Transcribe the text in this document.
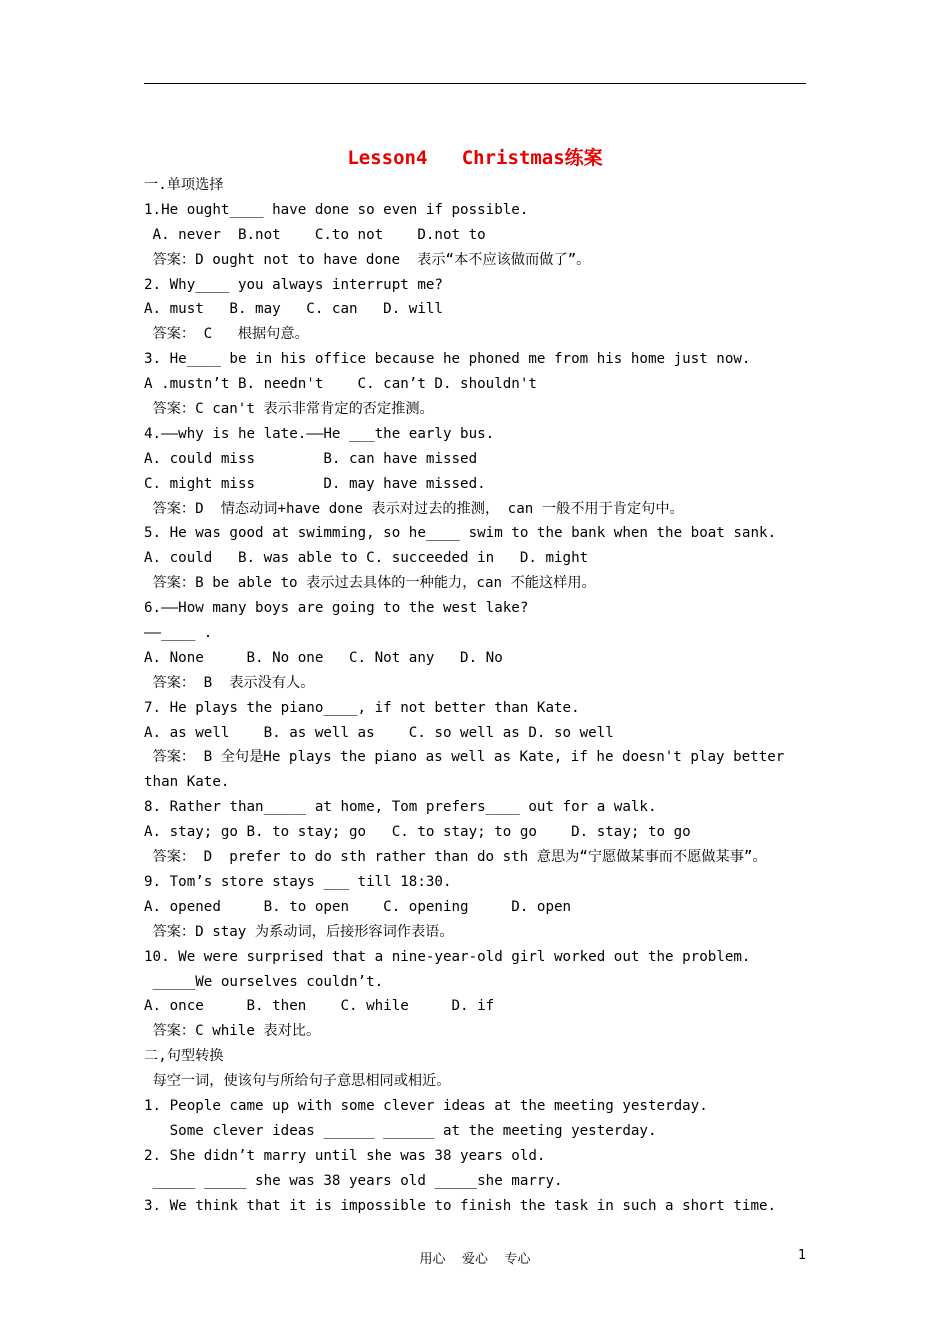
Lesson4   Christmas练案
一.单项选择
1.He ought____ have done so even if possible.
A. never  B.not    C.to not    D.not to
答案：D ought not to have done  表示“本不应该做而做了”。
2. Why____ you always interrupt me?
A. must   B. may   C. can   D. will
答案： C   根据句意。
3. He____ be in his office because he phoned me from his home just now.
A .mustn’t B. needn't    C. can’t D. shouldn't
答案：C can't 表示非常肯定的否定推测。
4.——why is he late.——He ___the early bus.
A. could miss        B. can have missed
C. might miss        D. may have missed.
答案：D  情态动词+have done 表示对过去的推测， can 一般不用于肯定句中。
5. He was good at swimming, so he____ swim to the bank when the boat sank.
A. could   B. was able to C. succeeded in   D. might
答案：B be able to 表示过去具体的一种能力，can 不能这样用。
6.——How many boys are going to the west lake?
——____ .
A. None     B. No one   C. Not any   D. No
答案： B  表示没有人。
7. He plays the piano____, if not better than Kate.
A. as well    B. as well as    C. so well as D. so well
答案： B 全句是He plays the piano as well as Kate, if he doesn't play better
than Kate.
8. Rather than_____ at home, Tom prefers____ out for a walk.
A. stay; go B. to stay; go   C. to stay; to go    D. stay; to go
答案： D  prefer to do sth rather than do sth 意思为“宁愿做某事而不愿做某事”。
9. Tom’s store stays ___ till 18:30.
A. opened     B. to open    C. opening     D. open
答案：D stay 为系动词，后接形容词作表语。
10. We were surprised that a nine-year-old girl worked out the problem.
_____We ourselves couldn’t.
A. once     B. then    C. while     D. if
答案：C while 表对比。
二,句型转换
每空一词，使该句与所给句子意思相同或相近。
1. People came up with some clever ideas at the meeting yesterday.
Some clever ideas ______ ______ at the meeting yesterday.
2. She didn’t marry until she was 38 years old.
_____ _____ she was 38 years old _____she marry.
3. We think that it is impossible to finish the task in such a short time.
用心    爱心    专心	1
